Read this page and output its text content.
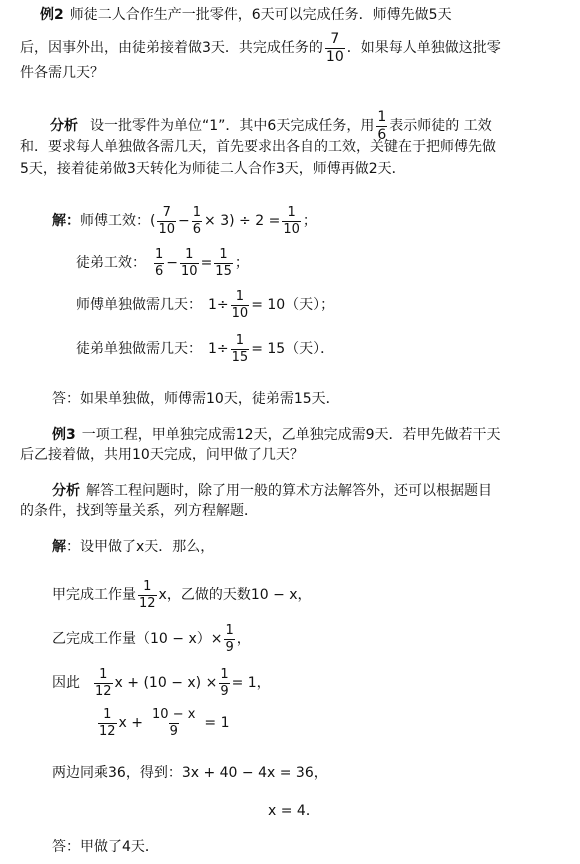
例2 师徒二人合作生产一批零件，6天可以完成任务．师傅先做5天
后，因事外出，由徒弟接着做3天．共完成任务的 $\frac{7}{10}$ ．如果每人单独做这批零
件各需几天？
分析 设一批零件为单位“1”．其中6天完成任务，用 $\frac{1}{6}$ 表示师徒的 工效
和．要求每人单独做各需几天，首先要求出各自的工效，关键在于把师傅先做
5天，接着徒弟做3天转化为师徒二人合作3天，师傅再做2天．
解：师傅工效：( $\frac{7}{10} - \frac{1}{6} \times 3) \div 2 = \frac{1}{10}$ ；
徒弟工效： $\frac{1}{6} - \frac{1}{10} = \frac{1}{15}$ ；
师傅单独做需几天： $1\div \frac{1}{10} = 10$（天）；
徒弟单独做需几天： $1\div \frac{1}{15} = 15$（天）．
答：如果单独做，师傅需10天，徒弟需15天．
例3 一项工程，甲单独完成需12天，乙单独完成需9天．若甲先做若干天
后乙接着做，共用10天完成，问甲做了几天？
分析 解答工程问题时，除了用一般的算术方法解答外，还可以根据题目
的条件，找到等量关系，列方程解题．
解：设甲做了x天．那么，
甲完成工作量 $\frac{1}{12}$ x，乙做的天数10 − x，
乙完成工作量$(10 - x)\times \frac{1}{9}$ ，
因此 $\frac{1}{12}$ $x + (10 - x) \times \frac{1}{9} = 1$，
$\frac{1}{12}$ $x + \frac{10 - x}{9} = 1$
两边同乘36，得到：3x + 40 − 4x = 36，
x = 4．
答：甲做了4天．
